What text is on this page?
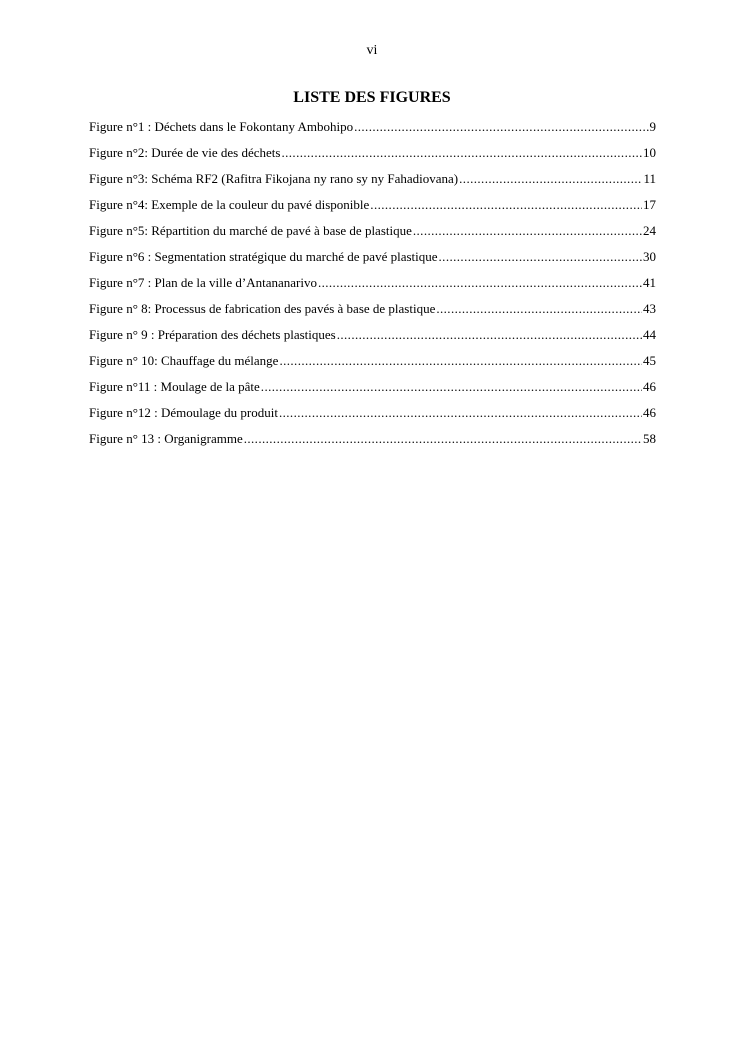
vi
LISTE DES FIGURES
Figure n°1 : Déchets dans le Fokontany Ambohipo .....	9
Figure n°2: Durée de vie des déchets .....	10
Figure n°3: Schéma RF2 (Rafitra Fikojana ny rano sy ny Fahadiovana) .....	11
Figure n°4: Exemple de la couleur du pavé disponible .....	17
Figure n°5: Répartition du marché de pavé à base de plastique .....	24
Figure n°6 : Segmentation stratégique du marché de pavé plastique .....	30
Figure n°7 : Plan de la ville d’Antananarivo .....	41
Figure n° 8: Processus de fabrication des pavés à base de plastique .....	43
Figure n° 9 : Préparation des déchets plastiques .....	44
Figure n° 10: Chauffage du mélange .....	45
Figure n°11 : Moulage de la pâte .....	46
Figure n°12 : Démoulage du produit .....	46
Figure n° 13 : Organigramme .....	58
